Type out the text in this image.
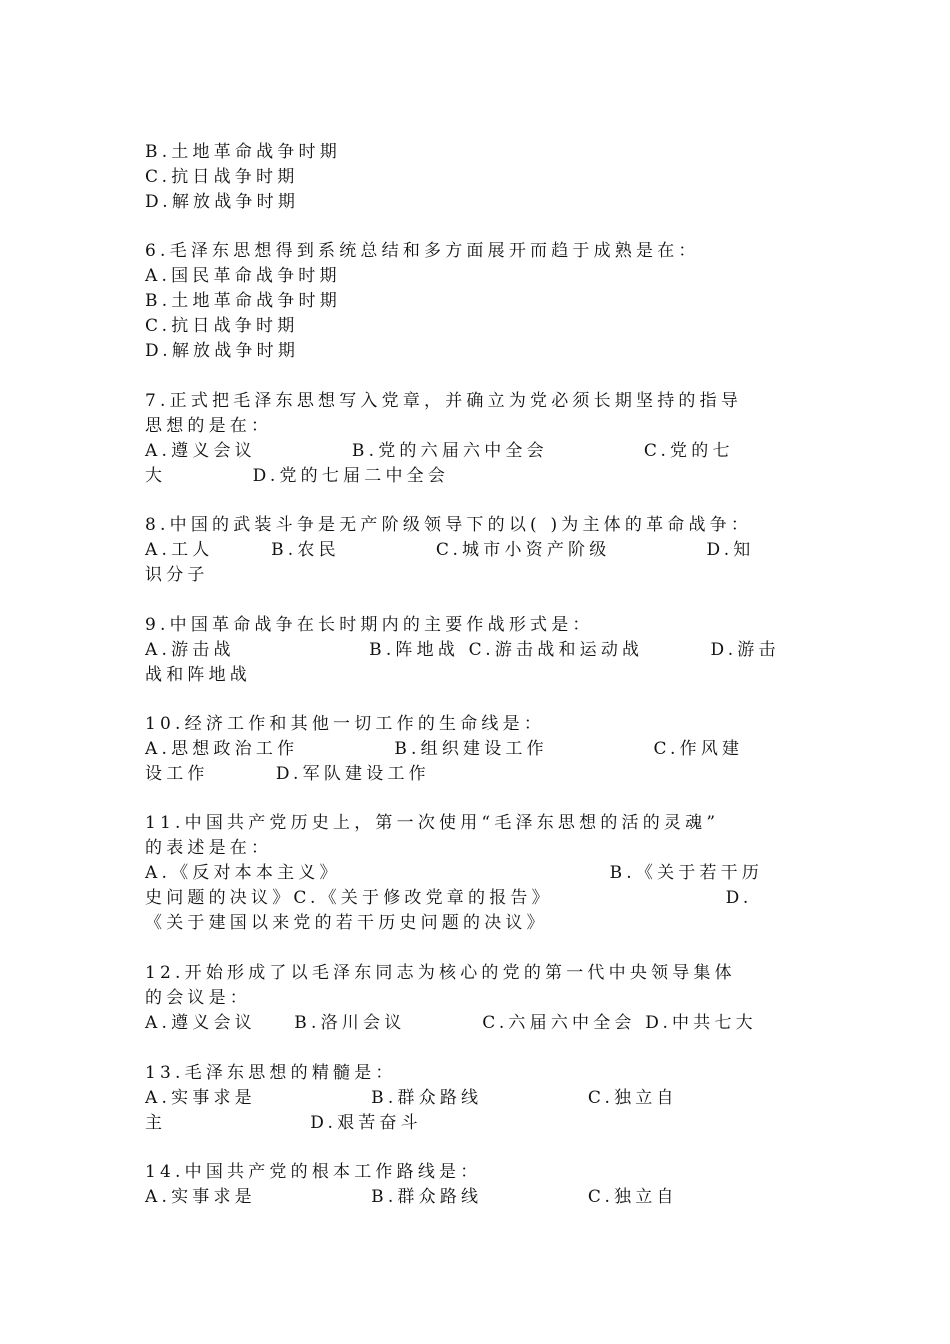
B.土地革命战争时期
C.抗日战争时期
D.解放战争时期
6.毛泽东思想得到系统总结和多方面展开而趋于成熟是在：
A.国民革命战争时期
B.土地革命战争时期
C.抗日战争时期
D.解放战争时期
7.正式把毛泽东思想写入党章，并确立为党必须长期坚持的指导
思想的是在：
A.遵义会议          B.党的六届六中全会          C.党的七
大         D.党的七届二中全会
8.中国的武装斗争是无产阶级领导下的以( )为主体的革命战争：
A.工人      B.农民          C.城市小资产阶级          D.知
识分子
9.中国革命战争在长时期内的主要作战形式是：
A.游击战              B.阵地战 C.游击战和运动战       D.游击
战和阵地战
10.经济工作和其他一切工作的生命线是：
A.思想政治工作          B.组织建设工作           C.作风建
设工作       D.军队建设工作
11.中国共产党历史上，第一次使用“毛泽东思想的活的灵魂”
的表述是在：
A.《反对本本主义》                            B.《关于若干历
史问题的决议》C.《关于修改党章的报告》                  D.
《关于建国以来党的若干历史问题的决议》
12.开始形成了以毛泽东同志为核心的党的第一代中央领导集体
的会议是：
A.遵义会议    B.洛川会议        C.六届六中全会 D.中共七大
13.毛泽东思想的精髓是：
A.实事求是            B.群众路线           C.独立自
主               D.艰苦奋斗
14.中国共产党的根本工作路线是：
A.实事求是            B.群众路线           C.独立自
